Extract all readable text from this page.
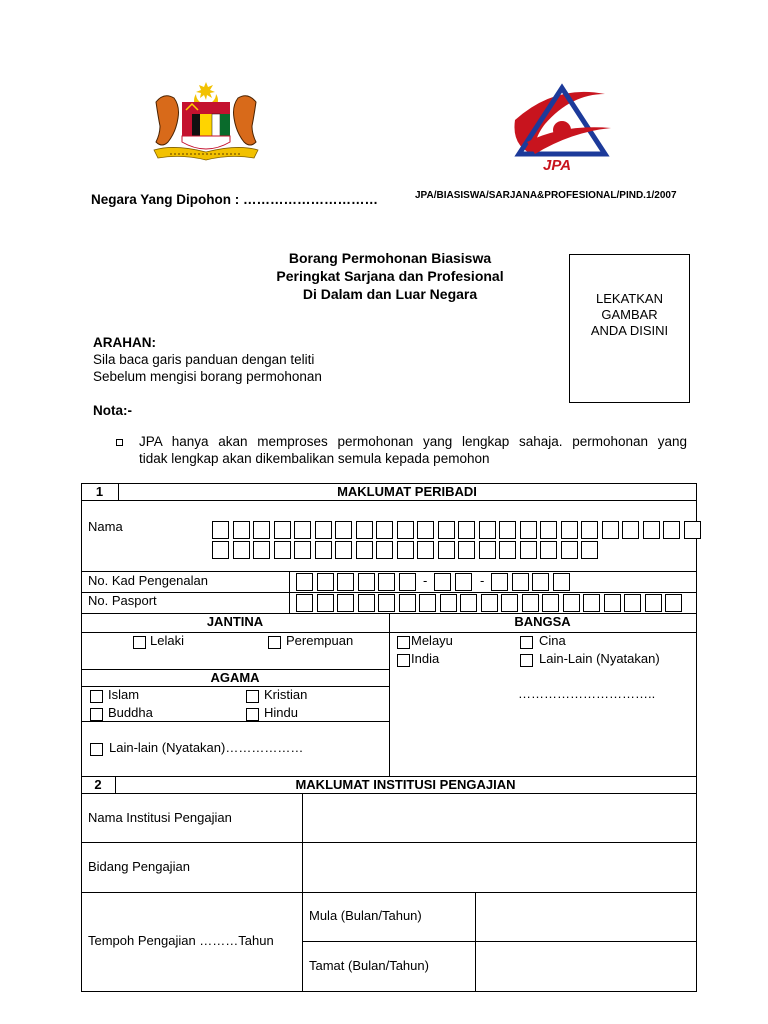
JPA
Negara Yang Dipohon : …………………………	JPA/BIASISWA/SARJANA&PROFESIONAL/PIND.1/2007
Borang Permohonan Biasiswa
Peringkat Sarjana dan Profesional
Di Dalam dan Luar Negara	LEKATKAN
GAMBAR
ANDA DISINI
ARAHAN:
Sila baca garis panduan dengan teliti
Sebelum mengisi borang permohonan
Nota:-
JPA hanya akan memproses permohonan yang lengkap sahaja. permohonan yang
tidak lengkap akan dikembalikan semula kepada pemohon
1	MAKLUMAT PERIBADI
Nama
No. Kad Pengenalan	-	-
No. Pasport
JANTINA
Lelaki	Perempuan
BANGSA
Melayu	Cina
India	Lain-Lain (Nyatakan)
…………………………..
AGAMA
Islam	Kristian
Buddha	Hindu
Lain-lain (Nyatakan)………………
2	MAKLUMAT INSTITUSI PENGAJIAN
Nama Institusi Pengajian
Bidang Pengajian
Tempoh Pengajian ………Tahun
Mula (Bulan/Tahun)
Tamat (Bulan/Tahun)
